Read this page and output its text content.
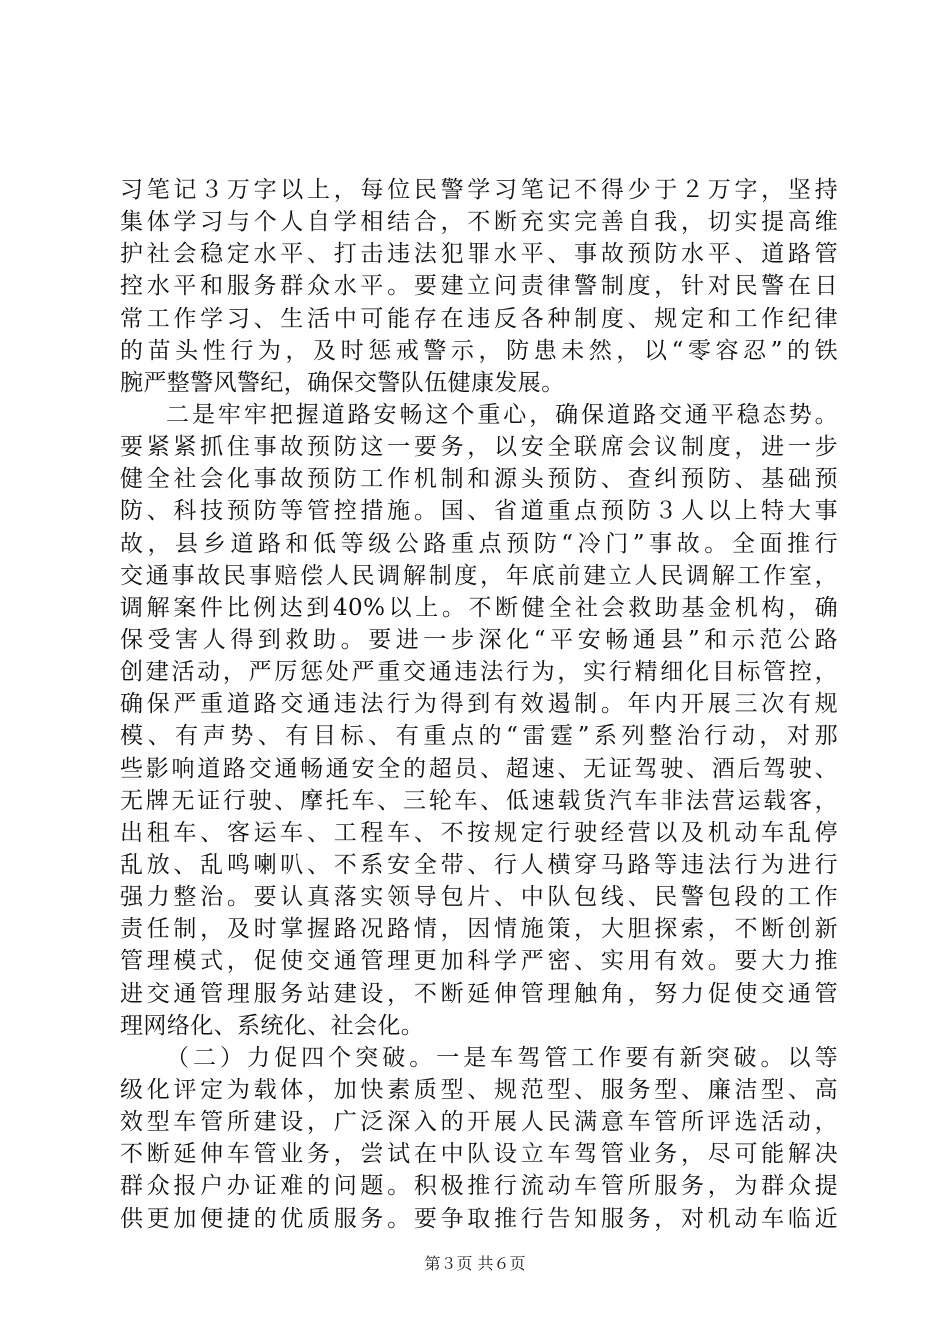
习笔记３万字以上，每位民警学习笔记不得少于２万字，坚持
集体学习与个人自学相结合，不断充实完善自我，切实提高维
护社会稳定水平、打击违法犯罪水平、事故预防水平、道路管
控水平和服务群众水平。要建立问责律警制度，针对民警在日
常工作学习、生活中可能存在违反各种制度、规定和工作纪律
的苗头性行为，及时惩戒警示，防患未然，以“零容忍”的铁
腕严整警风警纪，确保交警队伍健康发展。
二是牢牢把握道路安畅这个重心，确保道路交通平稳态势。
要紧紧抓住事故预防这一要务，以安全联席会议制度，进一步
健全社会化事故预防工作机制和源头预防、查纠预防、基础预
防、科技预防等管控措施。国、省道重点预防３人以上特大事
故，县乡道路和低等级公路重点预防“冷门”事故。全面推行
交通事故民事赔偿人民调解制度，年底前建立人民调解工作室，
调解案件比例达到40%以上。不断健全社会救助基金机构，确
保受害人得到救助。要进一步深化“平安畅通县”和示范公路
创建活动，严厉惩处严重交通违法行为，实行精细化目标管控，
确保严重道路交通违法行为得到有效遏制。年内开展三次有规
模、有声势、有目标、有重点的“雷霆”系列整治行动，对那
些影响道路交通畅通安全的超员、超速、无证驾驶、酒后驾驶、
无牌无证行驶、摩托车、三轮车、低速载货汽车非法营运载客，
出租车、客运车、工程车、不按规定行驶经营以及机动车乱停
乱放、乱鸣喇叭、不系安全带、行人横穿马路等违法行为进行
强力整治。要认真落实领导包片、中队包线、民警包段的工作
责任制，及时掌握路况路情，因情施策，大胆探索，不断创新
管理模式，促使交通管理更加科学严密、实用有效。要大力推
进交通管理服务站建设，不断延伸管理触角，努力促使交通管
理网络化、系统化、社会化。
（二）力促四个突破。一是车驾管工作要有新突破。以等
级化评定为载体，加快素质型、规范型、服务型、廉洁型、高
效型车管所建设，广泛深入的开展人民满意车管所评选活动，
不断延伸车管业务，尝试在中队设立车驾管业务，尽可能解决
群众报户办证难的问题。积极推行流动车管所服务，为群众提
供更加便捷的优质服务。要争取推行告知服务，对机动车临近
第３页 共６页
